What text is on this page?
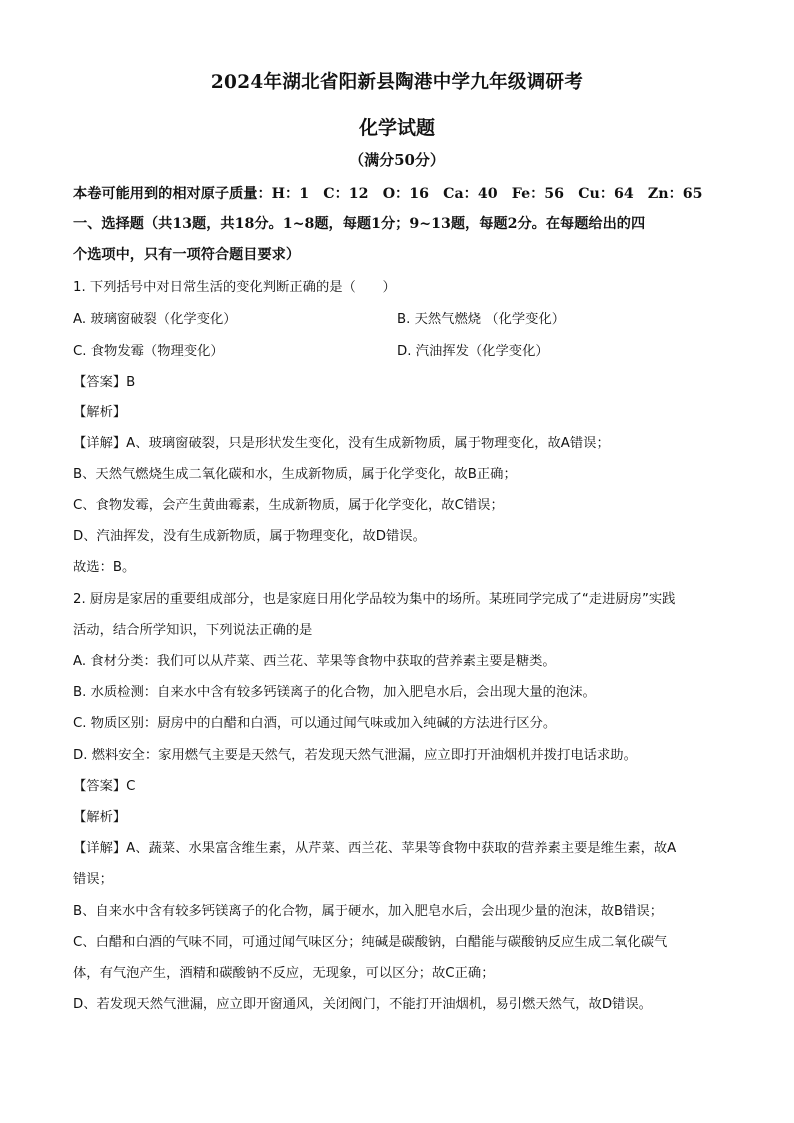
2024年湖北省阳新县陶港中学九年级调研考
化学试题
（满分50分）
本卷可能用到的相对原子质量：H：1　C：12　O：16　Ca：40　Fe：56　Cu：64　Zn：65
一、选择题（共13题，共18分。1~8题，每题1分；9~13题，每题2分。在每题给出的四
个选项中，只有一项符合题目要求）
1. 下列括号中对日常生活的变化判断正确的是（　　）
A. 玻璃窗破裂（化学变化）	B. 天然气燃烧 （化学变化）
C. 食物发霉（物理变化）	D. 汽油挥发（化学变化）
【答案】B
【解析】
【详解】A、玻璃窗破裂，只是形状发生变化，没有生成新物质，属于物理变化，故A错误；
B、天然气燃烧生成二氧化碳和水，生成新物质，属于化学变化，故B正确；
C、食物发霉，会产生黄曲霉素，生成新物质，属于化学变化，故C错误；
D、汽油挥发，没有生成新物质，属于物理变化，故D错误。
故选：B。
2. 厨房是家居的重要组成部分，也是家庭日用化学品较为集中的场所。某班同学完成了“走进厨房”实践
活动，结合所学知识，下列说法正确的是
A. 食材分类：我们可以从芹菜、西兰花、苹果等食物中获取的营养素主要是糖类。
B. 水质检测：自来水中含有较多钙镁离子的化合物，加入肥皂水后，会出现大量的泡沫。
C. 物质区别：厨房中的白醋和白酒，可以通过闻气味或加入纯碱的方法进行区分。
D. 燃料安全：家用燃气主要是天然气，若发现天然气泄漏，应立即打开油烟机并拨打电话求助。
【答案】C
【解析】
【详解】A、蔬菜、水果富含维生素，从芹菜、西兰花、苹果等食物中获取的营养素主要是维生素，故A
错误；
B、自来水中含有较多钙镁离子的化合物，属于硬水，加入肥皂水后，会出现少量的泡沫，故B错误；
C、白醋和白酒的气味不同，可通过闻气味区分；纯碱是碳酸钠，白醋能与碳酸钠反应生成二氧化碳气
体，有气泡产生，酒精和碳酸钠不反应，无现象，可以区分；故C正确；
D、若发现天然气泄漏，应立即开窗通风，关闭阀门，不能打开油烟机，易引燃天然气，故D错误。
